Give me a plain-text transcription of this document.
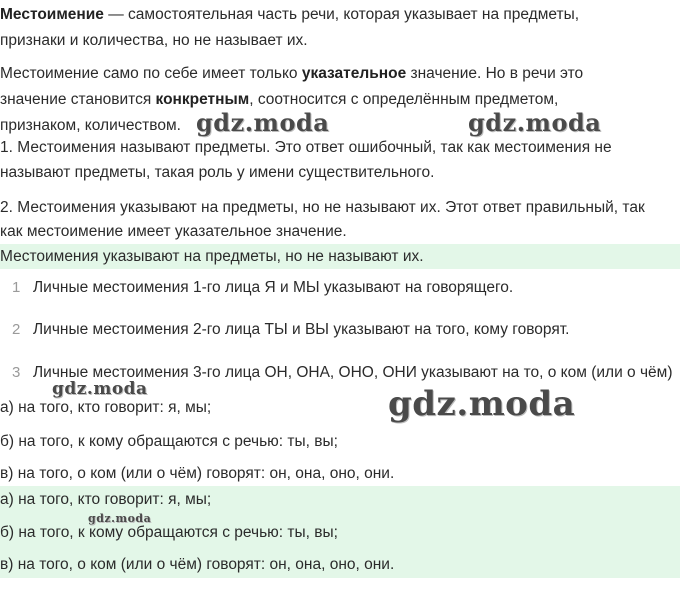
Местоимение — самостоятельная часть речи, которая указывает на предметы,

признаки и количества, но не называет их.

Местоимение само по себе имеет только указательное значение. Но в речи это

значение становится конкретным, соотносится с определённым предметом,

признаком, количеством.

1. Местоимения называют предметы. Это ответ ошибочный, так как местоимения не

называют предметы, такая роль у имени существительного.

2. Местоимения указывают на предметы, но не называют их. Этот ответ правильный, так

как местоимение имеет указательное значение.

Местоимения указывают на предметы, но не называют их.

1 Личные местоимения 1-го лица Я и МЫ указывают на говорящего.
2 Личные местоимения 2-го лица ТЫ и ВЫ указывают на того, кому говорят.
3 Личные местоимения 3-го лица ОН, ОНА, ОНО, ОНИ указывают на то, о ком (или о чём)

а) на того, кто говорит: я, мы;

б) на того, к кому обращаются с речью: ты, вы;

в) на того, о ком (или о чём) говорят: он, она, оно, они.

а) на того, кто говорит: я, мы;

б) на того, к кому обращаются с речью: ты, вы;

в) на того, о ком (или о чём) говорят: он, она, оно, они.

gdz.moda	gdz.moda
gdz.moda	gdz.moda
gdz.moda
